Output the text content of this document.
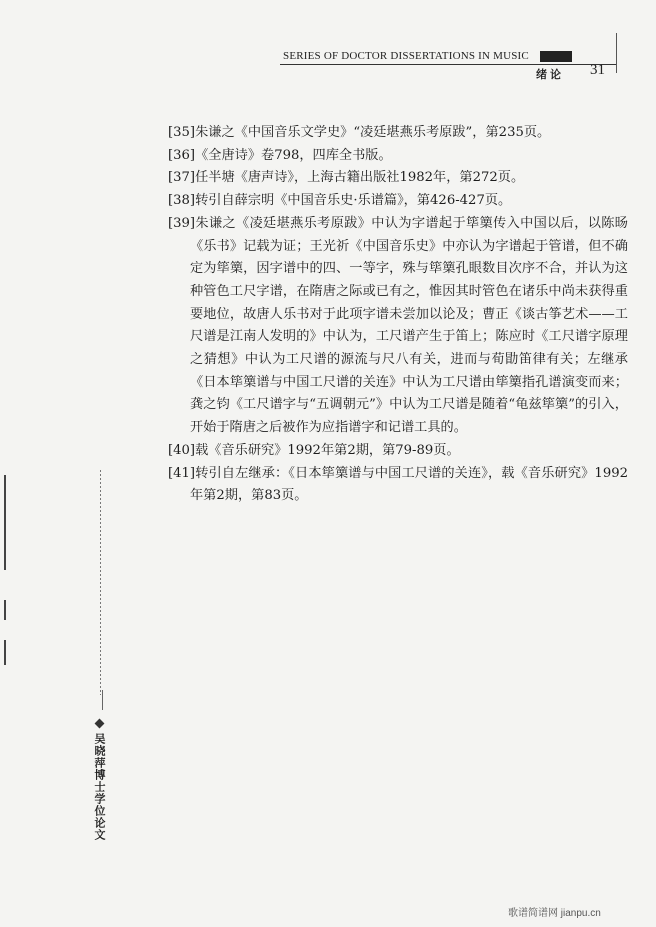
SERIES OF DOCTOR DISSERTATIONS IN MUSIC
绪论 31
[35]朱谦之《中国音乐文学史》“凌廷堪燕乐考原跋”，第235页。
[36]《全唐诗》卷798，四库全书版。
[37]任半塘《唐声诗》，上海古籍出版社1982年，第272页。
[38]转引自薛宗明《中国音乐史·乐谱篇》，第426-427页。
[39]朱谦之《凌廷堪燕乐考原跋》中认为字谱起于筚篥传入中国以后，以陈旸《乐书》记载为证；王光祈《中国音乐史》中亦认为字谱起于管谱，但不确定为筚篥，因字谱中的四、一等字，殊与筚篥孔眼数目次序不合，并认为这种管色工尺字谱，在隋唐之际或已有之，惟因其时管色在诸乐中尚未获得重要地位，故唐人乐书对于此项字谱未尝加以论及；曹正《谈古筝艺术——工尺谱是江南人发明的》中认为，工尺谱产生于笛上；陈应时《工尺谱字原理之猜想》中认为工尺谱的源流与尺八有关，进而与荀勖笛律有关；左继承《日本筚篥谱与中国工尺谱的关连》中认为工尺谱由筚篥指孔谱演变而来；龚之钧《工尺谱字与“五调朝元”》中认为工尺谱是随着“龟兹筚篥”的引入，开始于隋唐之后被作为应指谱字和记谱工具的。
[40]载《音乐研究》1992年第2期，第79-89页。
[41]转引自左继承：《日本筚篥谱与中国工尺谱的关连》，载《音乐研究》1992年第2期，第83页。
吴晓萍博士学位论文
歌谱简谱网 jianpu.cn
